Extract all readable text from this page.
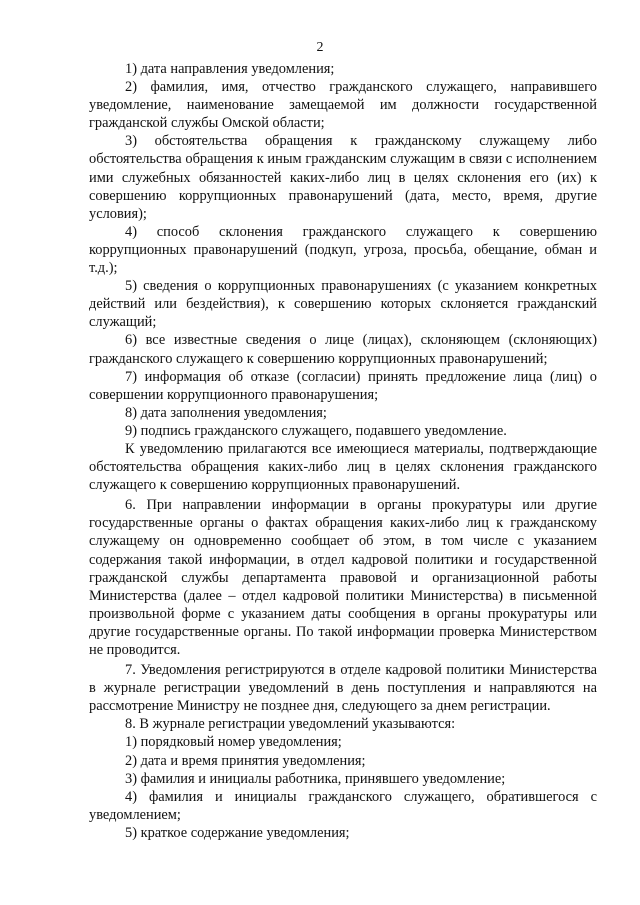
2

1) дата направления уведомления;

2) фамилия, имя, отчество гражданского служащего, направившего уведомление, наименование замещаемой им должности государственной гражданской службы Омской области;

3) обстоятельства обращения к гражданскому служащему либо обстоятельства обращения к иным гражданским служащим в связи с исполнением ими служебных обязанностей каких-либо лиц в целях склонения его (их) к совершению коррупционных правонарушений (дата, место, время, другие условия);

4) способ склонения гражданского служащего к совершению коррупционных правонарушений (подкуп, угроза, просьба, обещание, обман и т.д.);

5) сведения о коррупционных правонарушениях (с указанием конкретных действий или бездействия), к совершению которых склоняется гражданский служащий;

6) все известные сведения о лице (лицах), склоняющем (склоняющих) гражданского служащего к совершению коррупционных правонарушений;

7) информация об отказе (согласии) принять предложение лица (лиц) о совершении коррупционного правонарушения;

8) дата заполнения уведомления;

9) подпись гражданского служащего, подавшего уведомление.

К уведомлению прилагаются все имеющиеся материалы, подтверждающие обстоятельства обращения каких-либо лиц в целях склонения гражданского служащего к совершению коррупционных правонарушений.

6. При направлении информации в органы прокуратуры или другие государственные органы о фактах обращения каких-либо лиц к гражданскому служащему он одновременно сообщает об этом, в том числе с указанием содержания такой информации, в отдел кадровой политики и государственной гражданской службы департамента правовой и организационной работы Министерства (далее – отдел кадровой политики Министерства) в письменной произвольной форме с указанием даты сообщения в органы прокуратуры или другие государственные органы. По такой информации проверка Министерством не проводится.

7. Уведомления регистрируются в отделе кадровой политики Министерства в журнале регистрации уведомлений в день поступления и направляются на рассмотрение Министру не позднее дня, следующего за днем регистрации.

8. В журнале регистрации уведомлений указываются:

1) порядковый номер уведомления;

2) дата и время принятия уведомления;

3) фамилия и инициалы работника, принявшего уведомление;

4) фамилия и инициалы гражданского служащего, обратившегося с уведомлением;

5) краткое содержание уведомления;
